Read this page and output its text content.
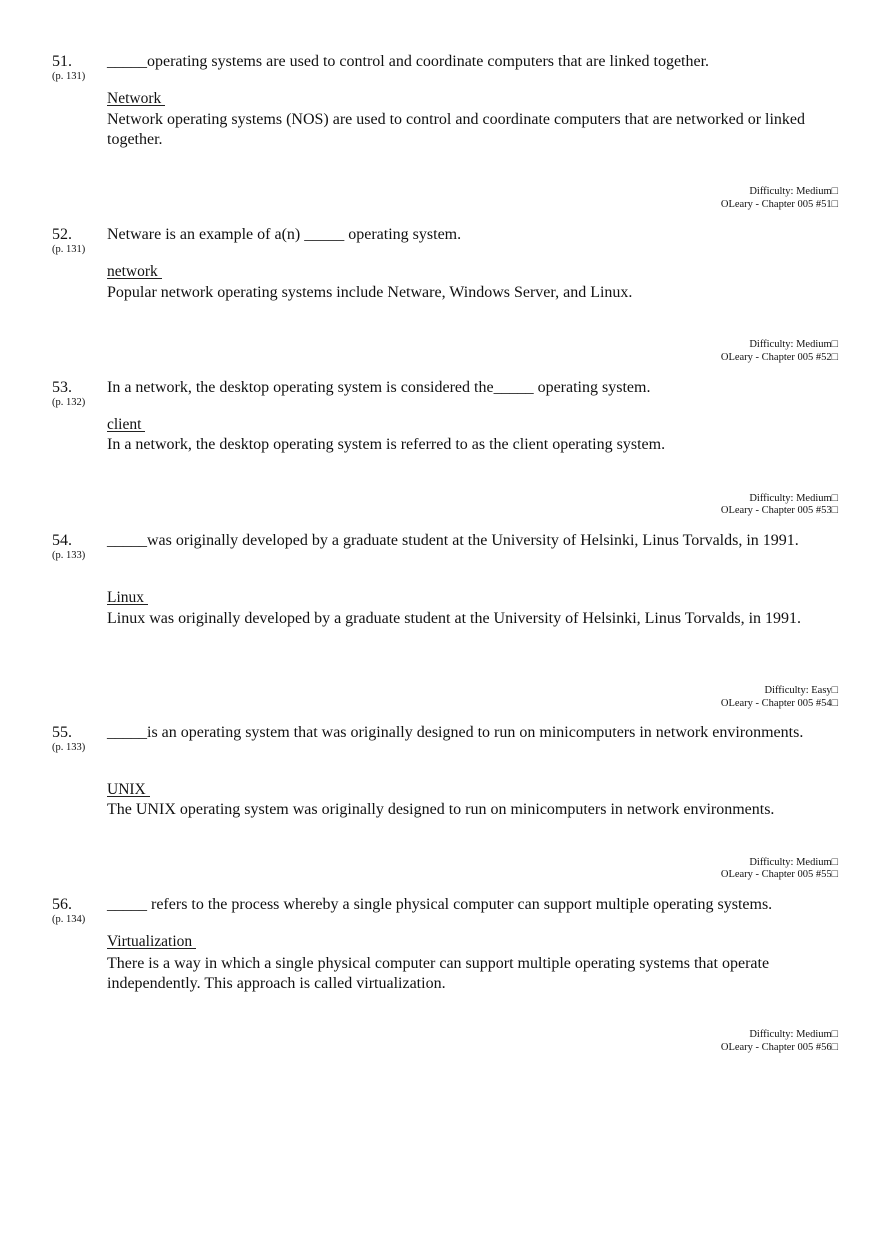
51.
(p. 131)
_____operating systems are used to control and coordinate computers that are linked together.
Network
Network operating systems (NOS) are used to control and coordinate computers that are networked or linked together.
Difficulty: Medium□
OLeary - Chapter 005 #51□
52.
(p. 131)
Netware is an example of a(n) _____ operating system.
network
Popular network operating systems include Netware, Windows Server, and Linux.
Difficulty: Medium□
OLeary - Chapter 005 #52□
53.
(p. 132)
In a network, the desktop operating system is considered the_____ operating system.
client
In a network, the desktop operating system is referred to as the client operating system.
Difficulty: Medium□
OLeary - Chapter 005 #53□
54.
(p. 133)
_____was originally developed by a graduate student at the University of Helsinki, Linus Torvalds, in 1991.
Linux
Linux was originally developed by a graduate student at the University of Helsinki, Linus Torvalds, in 1991.
Difficulty: Easy□
OLeary - Chapter 005 #54□
55.
(p. 133)
_____is an operating system that was originally designed to run on minicomputers in network environments.
UNIX
The UNIX operating system was originally designed to run on minicomputers in network environments.
Difficulty: Medium□
OLeary - Chapter 005 #55□
56.
(p. 134)
_____ refers to the process whereby a single physical computer can support multiple operating systems.
Virtualization
There is a way in which a single physical computer can support multiple operating systems that operate independently. This approach is called virtualization.
Difficulty: Medium□
OLeary - Chapter 005 #56□
